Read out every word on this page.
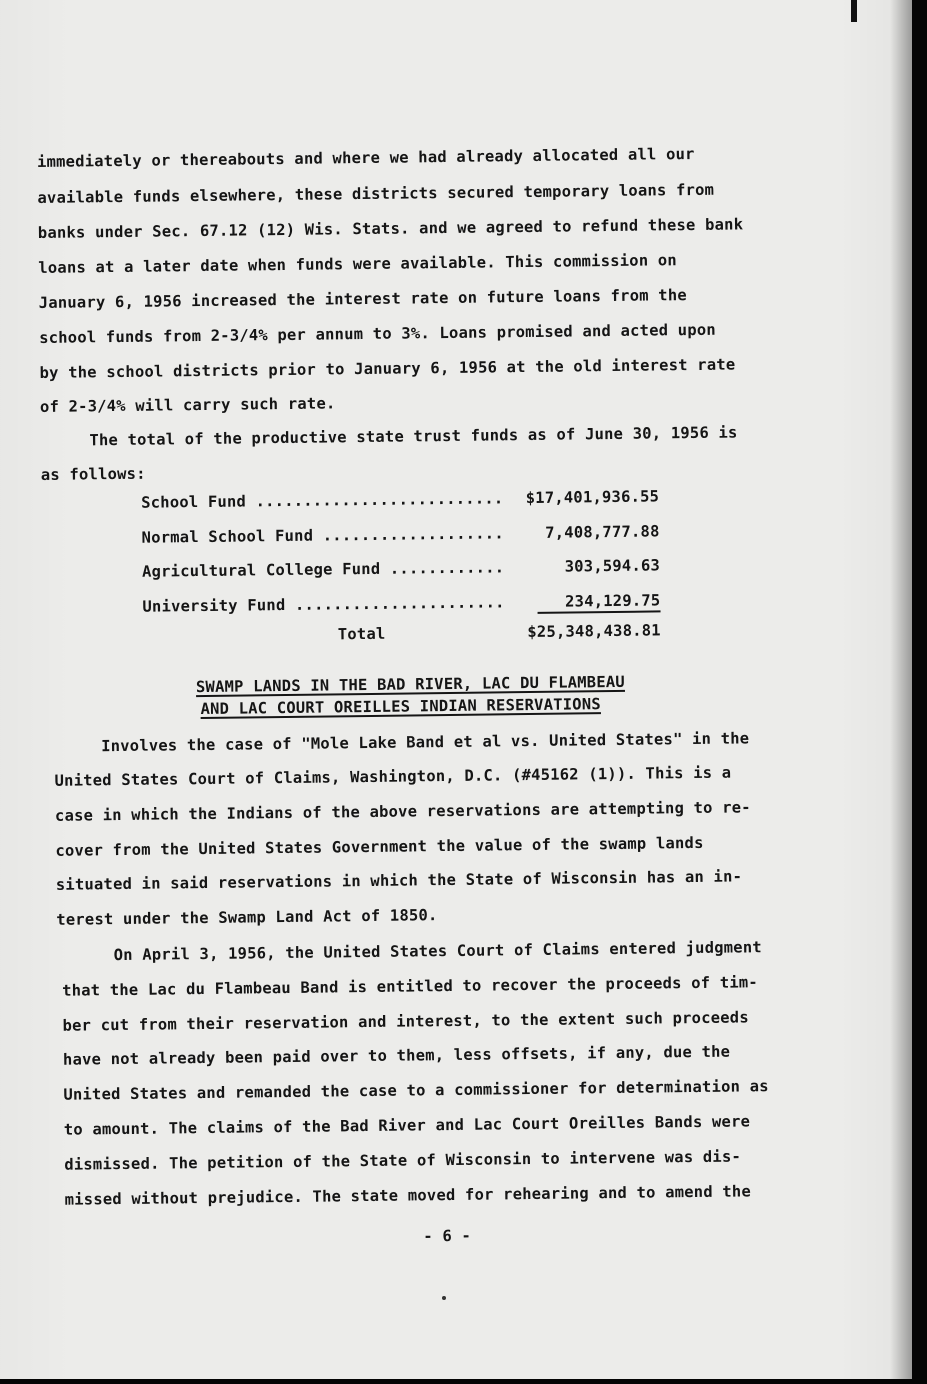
immediately or thereabouts and where we had already allocated all our
available funds elsewhere, these districts secured temporary loans from
banks under Sec. 67.12 (12) Wis. Stats. and we agreed to refund these bank
loans at a later date when funds were available. This commission on
January 6, 1956 increased the interest rate on future loans from the
school funds from 2-3/4% per annum to 3%. Loans promised and acted upon
by the school districts prior to January 6, 1956 at the old interest rate
of 2-3/4% will carry such rate.
The total of the productive state trust funds as of June 30, 1956 is
as follows:
School Fund .......................... $17,401,936.55
Normal School Fund ...................	7,408,777.88
Agricultural College Fund ............	303,594.63
University Fund ......................	234,129.75
Total	$25,348,438.81
SWAMP LANDS IN THE BAD RIVER, LAC DU FLAMBEAU
AND LAC COURT OREILLES INDIAN RESERVATIONS
Involves the case of "Mole Lake Band et al vs. United States" in the
United States Court of Claims, Washington, D.C. (#45162 (1)). This is a
case in which the Indians of the above reservations are attempting to re-
cover from the United States Government the value of the swamp lands
situated in said reservations in which the State of Wisconsin has an in-
terest under the Swamp Land Act of 1850.
On April 3, 1956, the United States Court of Claims entered judgment
that the Lac du Flambeau Band is entitled to recover the proceeds of tim-
ber cut from their reservation and interest, to the extent such proceeds
have not already been paid over to them, less offsets, if any, due the
United States and remanded the case to a commissioner for determination as
to amount. The claims of the Bad River and Lac Court Oreilles Bands were
dismissed. The petition of the State of Wisconsin to intervene was dis-
missed without prejudice. The state moved for rehearing and to amend the
- 6 -
